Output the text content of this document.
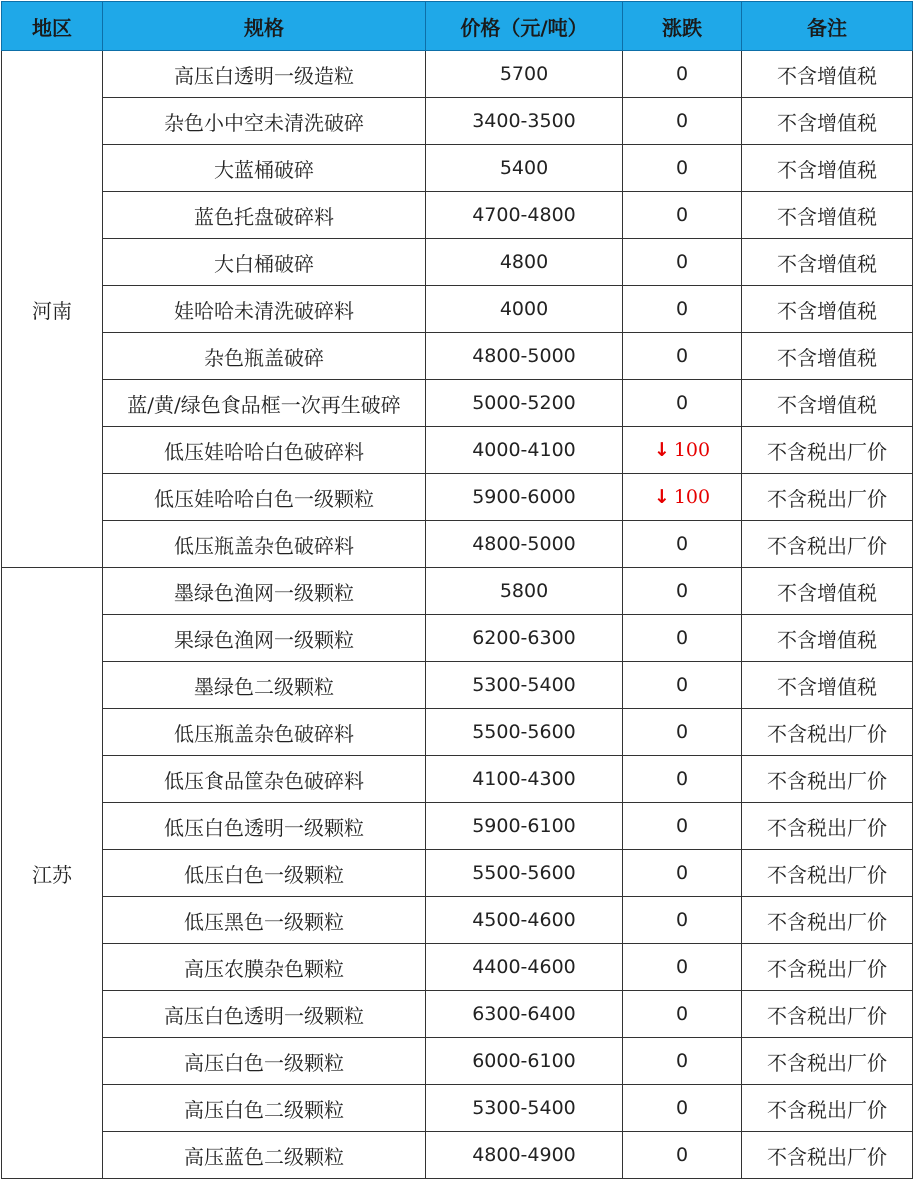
地区	规格	价格（元/吨）	涨跌	备注
河南	高压白透明一级造粒	5700	0	不含增值税
	杂色小中空未清洗破碎	3400-3500	0	不含增值税
	大蓝桶破碎	5400	0	不含增值税
	蓝色托盘破碎料	4700-4800	0	不含增值税
	大白桶破碎	4800	0	不含增值税
	娃哈哈未清洗破碎料	4000	0	不含增值税
	杂色瓶盖破碎	4800-5000	0	不含增值税
	蓝/黄/绿色食品框一次再生破碎	5000-5200	0	不含增值税
	低压娃哈哈白色破碎料	4000-4100	↓ 100	不含税出厂价
	低压娃哈哈白色一级颗粒	5900-6000	↓ 100	不含税出厂价
	低压瓶盖杂色破碎料	4800-5000	0	不含税出厂价
江苏	墨绿色渔网一级颗粒	5800	0	不含增值税
	果绿色渔网一级颗粒	6200-6300	0	不含增值税
	墨绿色二级颗粒	5300-5400	0	不含增值税
	低压瓶盖杂色破碎料	5500-5600	0	不含税出厂价
	低压食品筐杂色破碎料	4100-4300	0	不含税出厂价
	低压白色透明一级颗粒	5900-6100	0	不含税出厂价
	低压白色一级颗粒	5500-5600	0	不含税出厂价
	低压黑色一级颗粒	4500-4600	0	不含税出厂价
	高压农膜杂色颗粒	4400-4600	0	不含税出厂价
	高压白色透明一级颗粒	6300-6400	0	不含税出厂价
	高压白色一级颗粒	6000-6100	0	不含税出厂价
	高压白色二级颗粒	5300-5400	0	不含税出厂价
	高压蓝色二级颗粒	4800-4900	0	不含税出厂价
